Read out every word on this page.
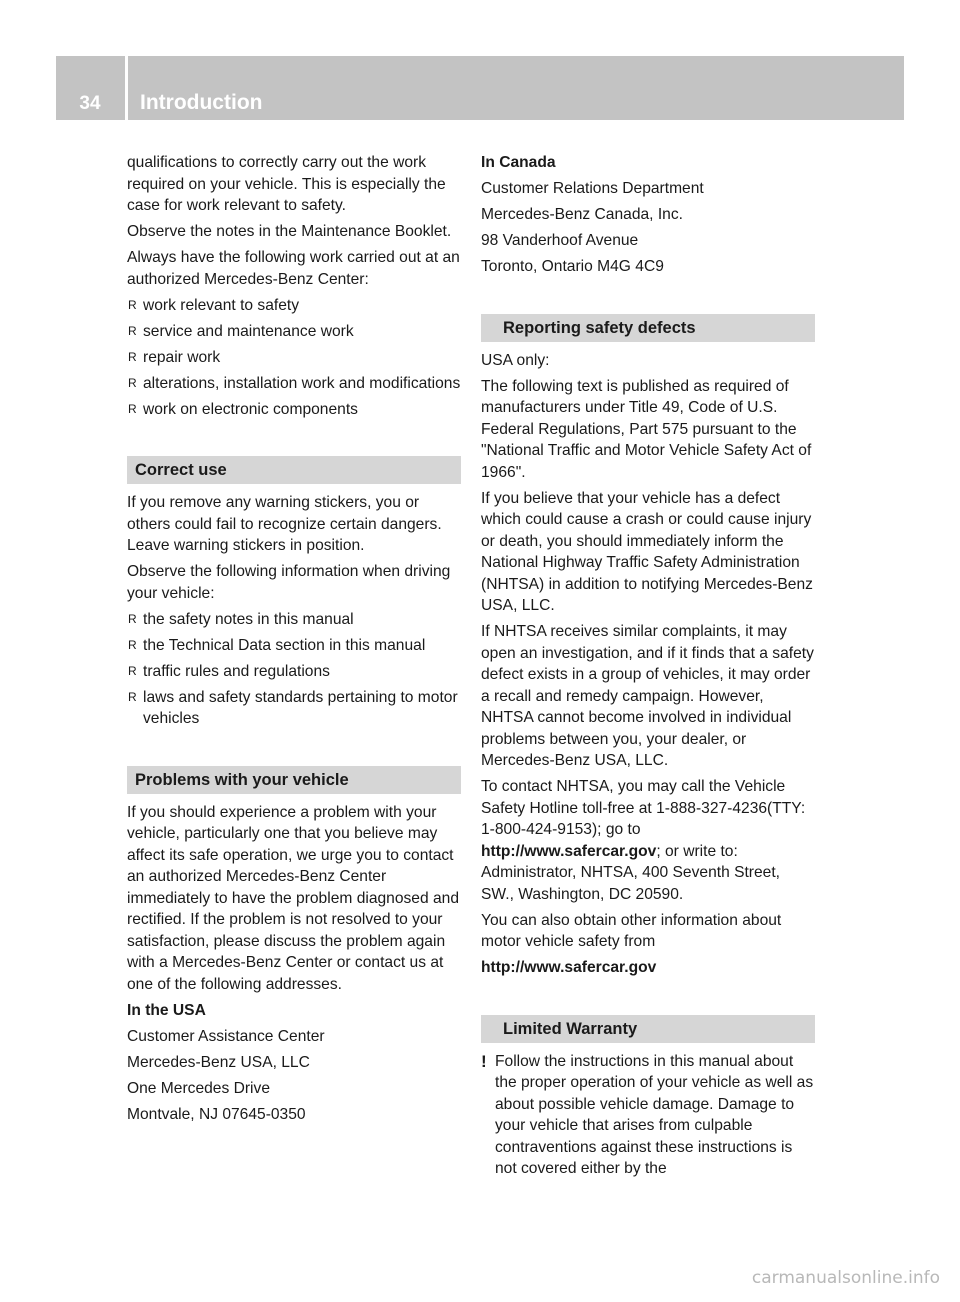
34	Introduction

qualifications to correctly carry out the work required on your vehicle. This is especially the case for work relevant to safety.

Observe the notes in the Maintenance Booklet.

Always have the following work carried out at an authorized Mercedes-Benz Center:

R work relevant to safety
R service and maintenance work
R repair work
R alterations, installation work and modifications
R work on electronic components
Correct use

If you remove any warning stickers, you or others could fail to recognize certain dangers. Leave warning stickers in position.

Observe the following information when driving your vehicle:

R the safety notes in this manual
R the Technical Data section in this manual
R traffic rules and regulations
R laws and safety standards pertaining to motor vehicles
Problems with your vehicle

If you should experience a problem with your vehicle, particularly one that you believe may affect its safe operation, we urge you to contact an authorized Mercedes-Benz Center immediately to have the problem diagnosed and rectified. If the problem is not resolved to your satisfaction, please discuss the problem again with a Mercedes-Benz Center or contact us at one of the following addresses.

In the USA

Customer Assistance Center

Mercedes-Benz USA, LLC

One Mercedes Drive

Montvale, NJ 07645-0350

In Canada

Customer Relations Department

Mercedes-Benz Canada, Inc.

98 Vanderhoof Avenue

Toronto, Ontario M4G 4C9

Reporting safety defects

USA only:

The following text is published as required of manufacturers under Title 49, Code of U.S. Federal Regulations, Part 575 pursuant to the "National Traffic and Motor Vehicle Safety Act of 1966".

If you believe that your vehicle has a defect which could cause a crash or could cause injury or death, you should immediately inform the National Highway Traffic Safety Administration (NHTSA) in addition to notifying Mercedes-Benz USA, LLC.

If NHTSA receives similar complaints, it may open an investigation, and if it finds that a safety defect exists in a group of vehicles, it may order a recall and remedy campaign. However, NHTSA cannot become involved in individual problems between you, your dealer, or Mercedes-Benz USA, LLC.

To contact NHTSA, you may call the Vehicle Safety Hotline toll-free at 1-888-327-4236(TTY: 1-800-424-9153); go to http://www.safercar.gov; or write to: Administrator, NHTSA, 400 Seventh Street, SW., Washington, DC 20590.

You can also obtain other information about motor vehicle safety from

http://www.safercar.gov

Limited Warranty
! Follow the instructions in this manual about the proper operation of your vehicle as well as about possible vehicle damage. Damage to your vehicle that arises from culpable contraventions against these instructions is not covered either by the

carmanualsonline.info
